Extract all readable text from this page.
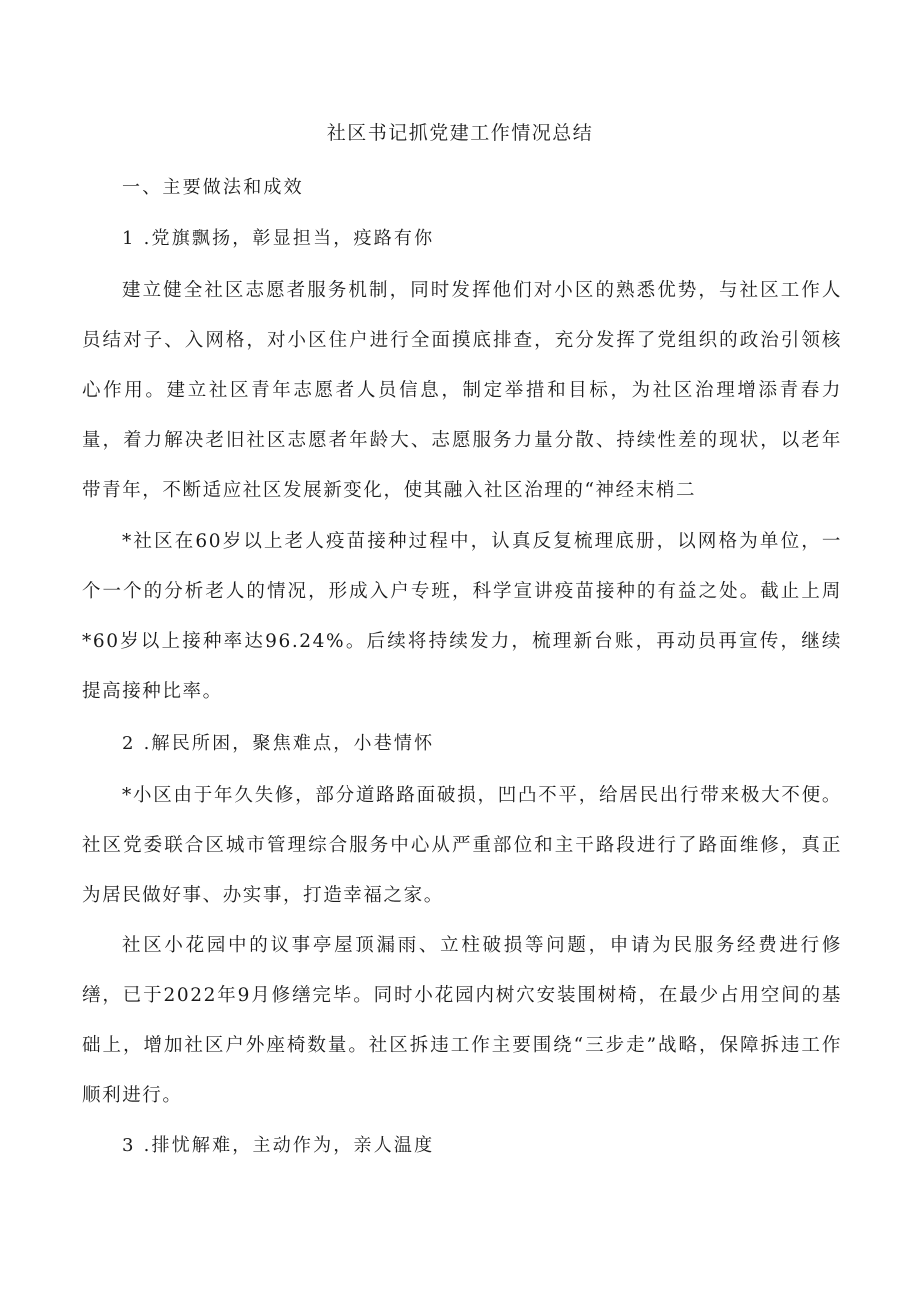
社区书记抓党建工作情况总结
一、主要做法和成效
1 .党旗飘扬，彰显担当，疫路有你

建立健全社区志愿者服务机制，同时发挥他们对小区的熟悉优势，与社区工作人员结对子、入网格，对小区住户进行全面摸底排查，充分发挥了党组织的政治引领核心作用。建立社区青年志愿者人员信息，制定举措和目标，为社区治理增添青春力量，着力解决老旧社区志愿者年龄大、志愿服务力量分散、持续性差的现状，以老年带青年，不断适应社区发展新变化，使其融入社区治理的“神经末梢二

*社区在60岁以上老人疫苗接种过程中，认真反复梳理底册，以网格为单位，一个一个的分析老人的情况，形成入户专班，科学宣讲疫苗接种的有益之处。截止上周*60岁以上接种率达96.24%。后续将持续发力，梳理新台账，再动员再宣传，继续提高接种比率。

2 .解民所困，聚焦难点，小巷情怀

*小区由于年久失修，部分道路路面破损，凹凸不平，给居民出行带来极大不便。社区党委联合区城市管理综合服务中心从严重部位和主干路段进行了路面维修，真正为居民做好事、办实事，打造幸福之家。

社区小花园中的议事亭屋顶漏雨、立柱破损等问题，申请为民服务经费进行修缮，已于2022年9月修缮完毕。同时小花园内树穴安装围树椅，在最少占用空间的基础上，增加社区户外座椅数量。社区拆违工作主要围绕“三步走”战略，保障拆违工作顺利进行。

3 .排忧解难，主动作为，亲人温度
